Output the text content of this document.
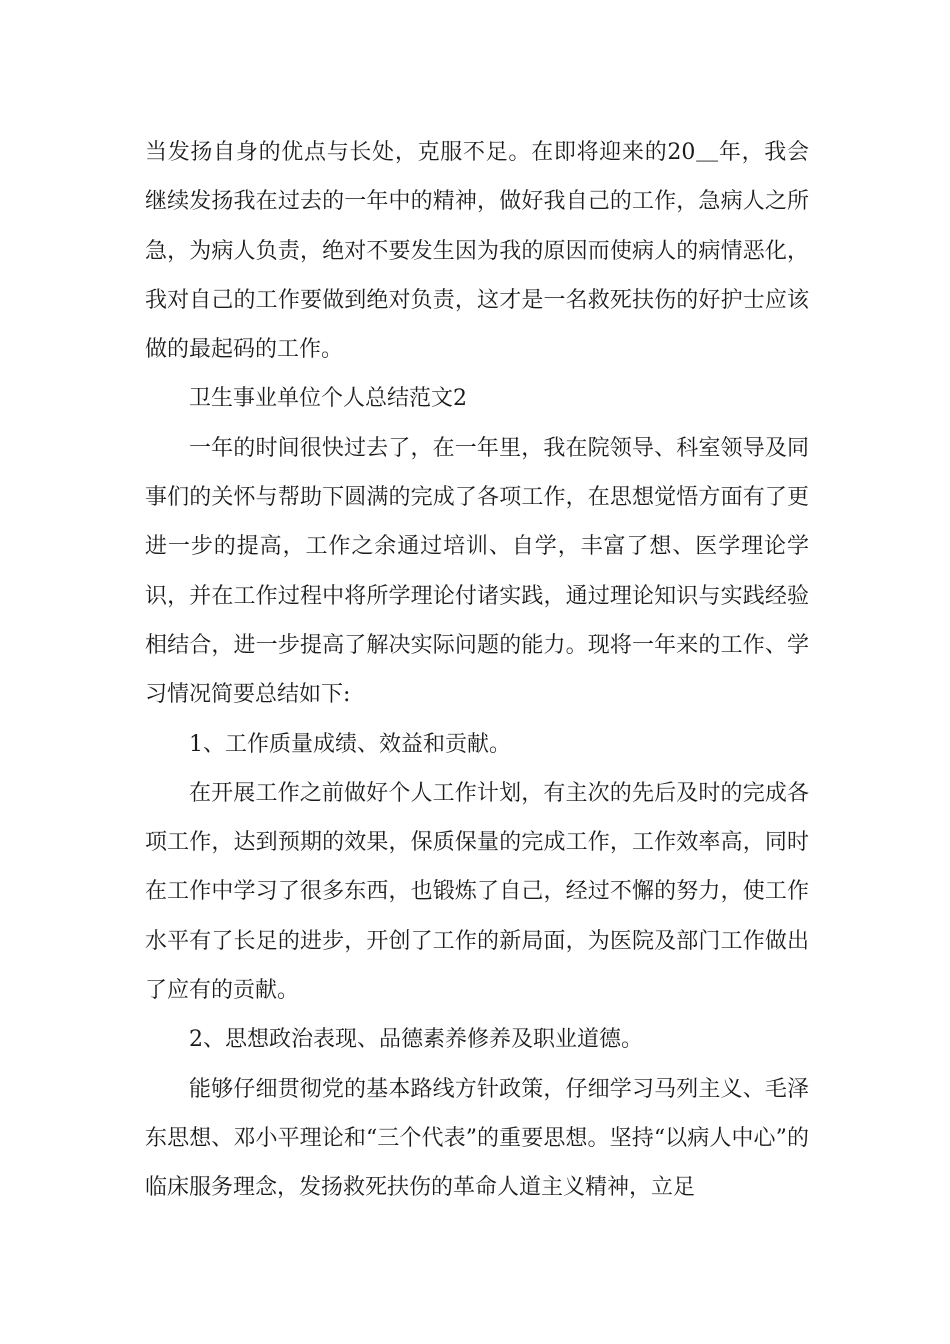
当发扬自身的优点与长处，克服不足。在即将迎来的20＿年，我会继续发扬我在过去的一年中的精神，做好我自己的工作，急病人之所急，为病人负责，绝对不要发生因为我的原因而使病人的病情恶化，我对自己的工作要做到绝对负责，这才是一名救死扶伤的好护士应该做的最起码的工作。

卫生事业单位个人总结范文2

一年的时间很快过去了，在一年里，我在院领导、科室领导及同事们的关怀与帮助下圆满的完成了各项工作，在思想觉悟方面有了更进一步的提高，工作之余通过培训、自学，丰富了想、医学理论学识，并在工作过程中将所学理论付诸实践，通过理论知识与实践经验相结合，进一步提高了解决实际问题的能力。现将一年来的工作、学习情况简要总结如下:

1、工作质量成绩、效益和贡献。

在开展工作之前做好个人工作计划，有主次的先后及时的完成各项工作，达到预期的效果，保质保量的完成工作，工作效率高，同时在工作中学习了很多东西，也锻炼了自己，经过不懈的努力，使工作水平有了长足的进步，开创了工作的新局面，为医院及部门工作做出了应有的贡献。

2、思想政治表现、品德素养修养及职业道德。

能够仔细贯彻党的基本路线方针政策，仔细学习马列主义、毛泽东思想、邓小平理论和“三个代表”的重要思想。坚持“以病人中心”的临床服务理念，发扬救死扶伤的革命人道主义精神，立足
